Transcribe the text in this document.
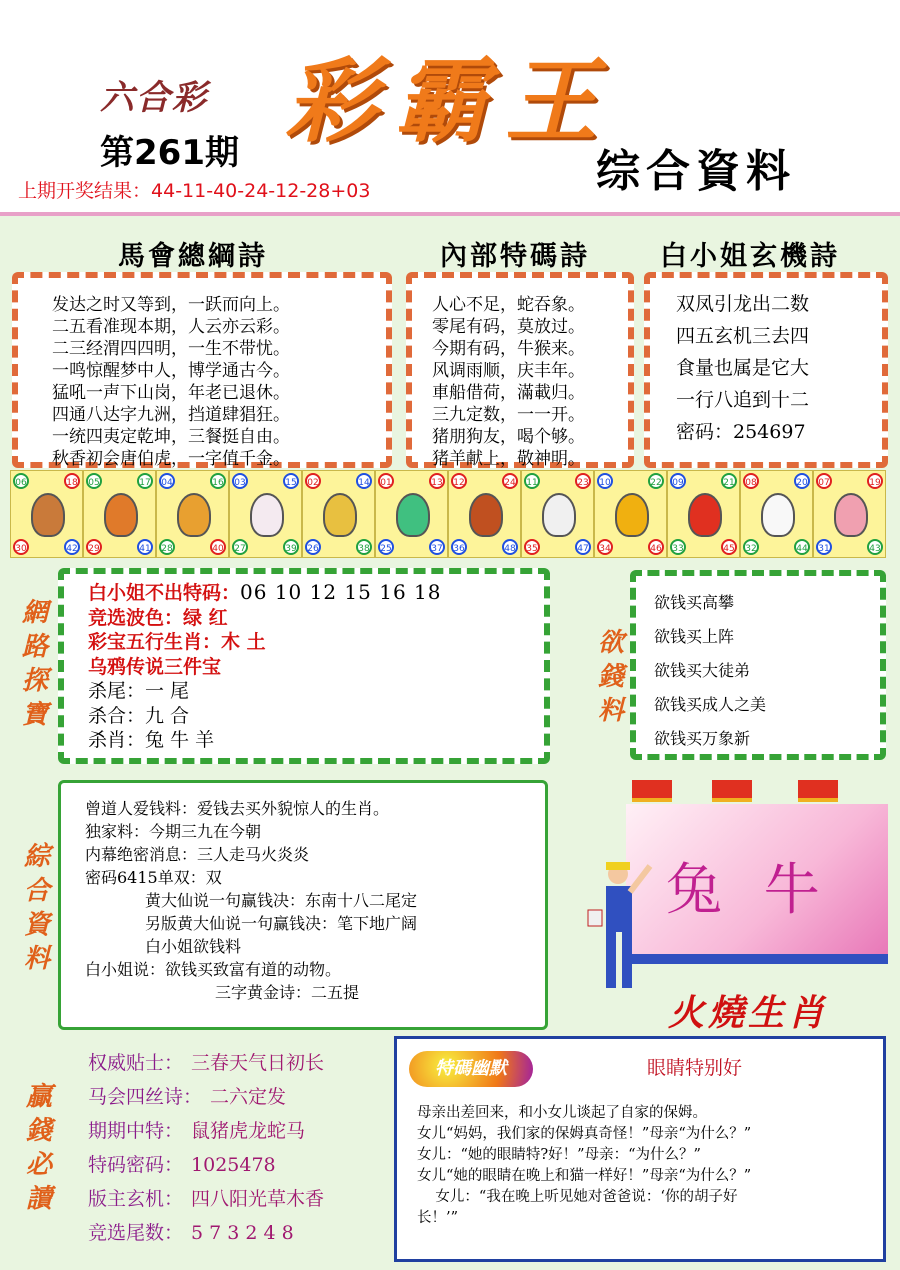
六合彩 彩霸王
第261期	综合資料
上期开奖结果：44-11-40-24-12-28+03
馬會總綱詩	內部特碼詩	白小姐玄機詩
发达之时又等到，一跃而向上。
二五看准现本期，人云亦云彩。
二三经渭四四明，一生不带忧。
一鸣惊醒梦中人，博学通古今。
猛吼一声下山岗，年老已退休。
四通八达字九洲，挡道肆猖狂。
一统四夷定乾坤，三餐挺自由。
秋香初会唐伯虎，一字值千金。
人心不足，蛇吞象。
零尾有码，莫放过。
今期有码，牛猴来。
风调雨顺，庆丰年。
車船借荷，滿載归。
三九定数，一一开。
猪朋狗友，喝个够。
猪羊献上，敬神明。
双凤引龙出二数
四五玄机三去四
食量也属是它大
一行八追到十二
密码：254697
06	18
30	42
05	17
29	41
04	16
28	40
03	15
27	39
02	14
26	38
01	13
25	37
12	24
36	48
11	23
35	47
10	22
34	46
09	21
33	45
08	20
32	44
07	19
31	43
網路探寶
白小姐不出特码：06 10 12 15 16 18
竞选波色：绿 红
彩宝五行生肖：木 土
乌鸦传说三件宝
杀尾：一 尾
杀合：九 合
杀肖：兔 牛 羊
欲錢料
欲钱买高攀
欲钱买上阵
欲钱买大徒弟
欲钱买成人之美
欲钱买万象新
綜合資料
曾道人爱钱料：爱钱去买外貌惊人的生肖。
独家料：今期三九在今朝
内幕绝密消息：三人走马火炎炎
密码6415单双：双
黄大仙说一句赢钱决：东南十八二尾定
另版黄大仙说一句赢钱决：笔下地广阔
白小姐欲钱料
白小姐说：欲钱买致富有道的动物。
三字黄金诗：二五提
兔 牛
火燒生肖
贏錢必讀
权威贴士： 三春天气日初长
马会四丝诗： 二六定发
期期中特： 鼠猪虎龙蛇马
特码密码： 1025478
版主玄机： 四八阳光草木香
竞选尾数： 5 7 3 2 4 8
特碼幽默	眼睛特别好
母亲出差回来，和小女儿谈起了自家的保姆。
女儿“妈妈，我们家的保姆真奇怪！”母亲“为什么？”
女儿：“她的眼睛特?好！”母亲：“为什么？”
女儿“她的眼睛在晚上和猫一样好！”母亲“为什么？”
女儿：“我在晚上听见她对爸爸说：‘你的胡子好
长！’”
